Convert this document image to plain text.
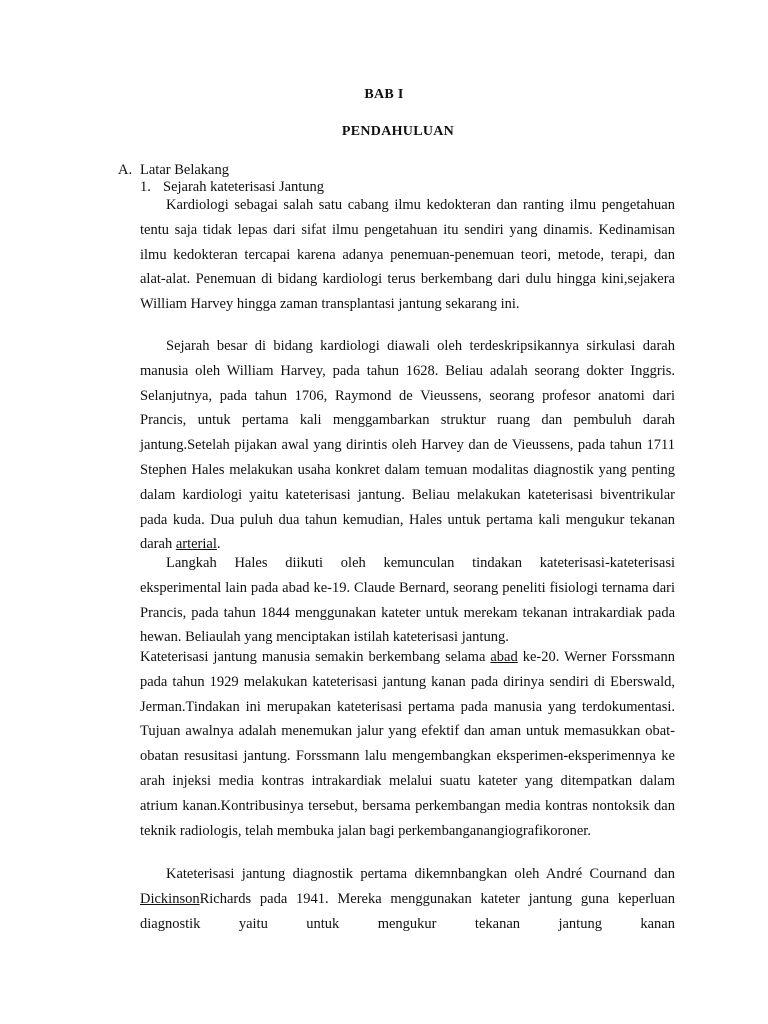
BAB I
PENDAHULUAN
A. Latar Belakang
1. Sejarah kateterisasi Jantung

Kardiologi sebagai salah satu cabang ilmu kedokteran dan ranting ilmu pengetahuan tentu saja tidak lepas dari sifat ilmu pengetahuan itu sendiri yang dinamis. Kedinamisan ilmu kedokteran tercapai karena adanya penemuan-penemuan teori, metode, terapi, dan alat-alat. Penemuan di bidang kardiologi terus berkembang dari dulu hingga kini,sejakera William Harvey hingga zaman transplantasi jantung sekarang ini.

Sejarah besar di bidang kardiologi diawali oleh terdeskripsikannya sirkulasi darah manusia oleh William Harvey, pada tahun 1628. Beliau adalah seorang dokter Inggris. Selanjutnya, pada tahun 1706, Raymond de Vieussens, seorang profesor anatomi dari Prancis, untuk pertama kali menggambarkan struktur ruang dan pembuluh darah jantung.Setelah pijakan awal yang dirintis oleh Harvey dan de Vieussens, pada tahun 1711 Stephen Hales melakukan usaha konkret dalam temuan modalitas diagnostik yang penting dalam kardiologi yaitu kateterisasi jantung. Beliau melakukan kateterisasi biventrikular pada kuda. Dua puluh dua tahun kemudian, Hales untuk pertama kali mengukur tekanan darah arterial.

Langkah Hales diikuti oleh kemunculan tindakan kateterisasi-kateterisasi eksperimental lain pada abad ke-19. Claude Bernard, seorang peneliti fisiologi ternama dari Prancis, pada tahun 1844 menggunakan kateter untuk merekam tekanan intrakardiak pada hewan. Beliaulah yang menciptakan istilah kateterisasi jantung.

Kateterisasi jantung manusia semakin berkembang selama abad ke-20. Werner Forssmann pada tahun 1929 melakukan kateterisasi jantung kanan pada dirinya sendiri di Eberswald, Jerman.Tindakan ini merupakan kateterisasi pertama pada manusia yang terdokumentasi. Tujuan awalnya adalah menemukan jalur yang efektif dan aman untuk memasukkan obat-obatan resusitasi jantung. Forssmann lalu mengembangkan eksperimen-eksperimennya ke arah injeksi media kontras intrakardiak melalui suatu kateter yang ditempatkan dalam atrium kanan.Kontribusinya tersebut, bersama perkembangan media kontras nontoksik dan teknik radiologis, telah membuka jalan bagi perkembanganangiografikoroner.

Kateterisasi jantung diagnostik pertama dikemnbangkan oleh André Cournand dan DickinsonRichards pada 1941. Mereka menggunakan kateter jantung guna keperluan diagnostik yaitu untuk mengukur tekanan jantung kanan
